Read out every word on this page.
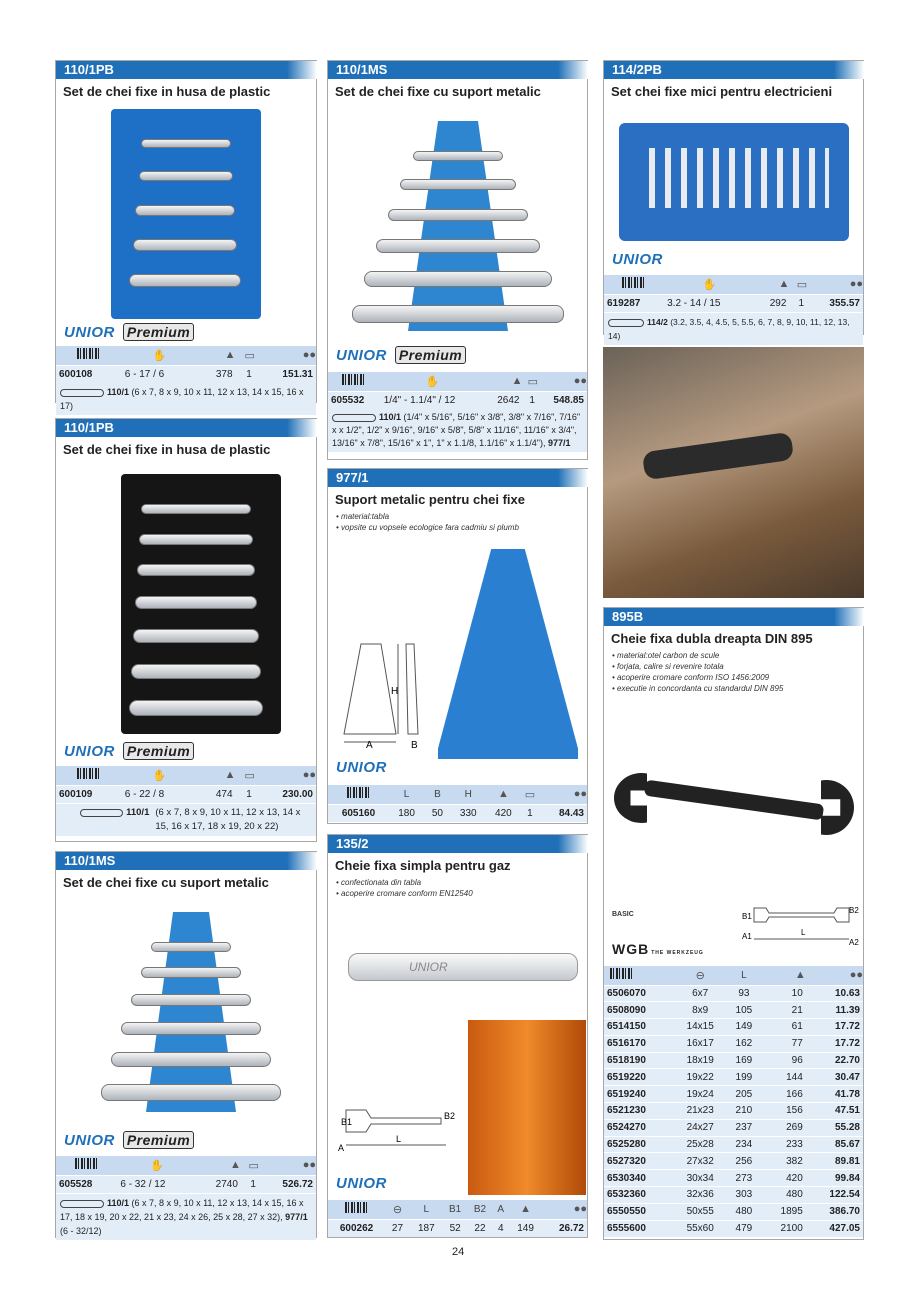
110/1PB
Set de chei fixe in husa de plastic
UNIOR Premium
	✋	▲	▭	●●
600108	6 - 17 / 6	378	1	151.31
110/1 (6 x 7, 8 x 9, 10 x 11, 12 x 13, 14 x 15, 16 x 17)
110/1PB
Set de chei fixe in husa de plastic
UNIOR Premium
	✋	▲	▭	●●
600109	6 - 22 / 8	474	1	230.00
110/1 (6 x 7, 8 x 9, 10 x 11, 12 x 13, 14 x 15, 16 x 17, 18 x 19, 20 x 22)
110/1MS
Set de chei fixe cu suport metalic
UNIOR Premium
	✋	▲	▭	●●
605528	6 - 32 / 12	2740	1	526.72
110/1 (6 x 7, 8 x 9, 10 x 11, 12 x 13, 14 x 15, 16 x 17, 18 x 19, 20 x 22, 21 x 23, 24 x 26, 25 x 28, 27 x 32), 977/1
(6 - 32/12)
110/1MS
Set de chei fixe cu suport metalic
UNIOR Premium
	✋	▲	▭	●●
605532	1/4" - 1.1/4" / 12	2642	1	548.85
110/1 (1/4" x 5/16", 5/16" x 3/8", 3/8" x 7/16", 7/16" x x 1/2", 1/2" x 9/16", 9/16" x 5/8", 5/8" x 11/16", 11/16" x 3/4", 13/16" x 7/8", 15/16" x 1", 1" x 1.1/8, 1.1/16" x 1.1/4"), 977/1
977/1
Suport metalic pentru chei fixe
• material:tabla
• vopsite cu vopsele ecologice fara cadmiu si plumb
A
H
B
UNIOR
	L	B	H	▲	▭	●●
605160	180	50	330	420	1	84.43
135/2
Cheie fixa simpla pentru gaz
• confectionata din tabla
• acoperire cromare conform EN12540
UNIOR
B1
B2
L
A
UNIOR
	⊖	L	B1	B2	A	▲	●●
600262	27	187	52	22	4	149	26.72
114/2PB
Set chei fixe mici pentru electricieni
UNIOR
	✋	▲	▭	●●
619287	3.2 - 14 / 15	292	1	355.57
114/2 (3.2, 3.5, 4, 4.5, 5, 5.5, 6, 7, 8, 9, 10, 11, 12, 13, 14)
895B
Cheie fixa dubla dreapta DIN 895
• material:otel carbon de scule
• forjata, calire si revenire totala
• acoperire cromare conform ISO 1456:2009
• executie in concordanta cu standardul DIN 895
BASIC
WGB THE WERKZEUG
B1
B2
A1
A2
L
	⊖	L	▲	●●
6506070	6x7	93	10	10.63
6508090	8x9	105	21	11.39
6514150	14x15	149	61	17.72
6516170	16x17	162	77	17.72
6518190	18x19	169	96	22.70
6519220	19x22	199	144	30.47
6519240	19x24	205	166	41.78
6521230	21x23	210	156	47.51
6524270	24x27	237	269	55.28
6525280	25x28	234	233	85.67
6527320	27x32	256	382	89.81
6530340	30x34	273	420	99.84
6532360	32x36	303	480	122.54
6550550	50x55	480	1895	386.70
6555600	55x60	479	2100	427.05
24
